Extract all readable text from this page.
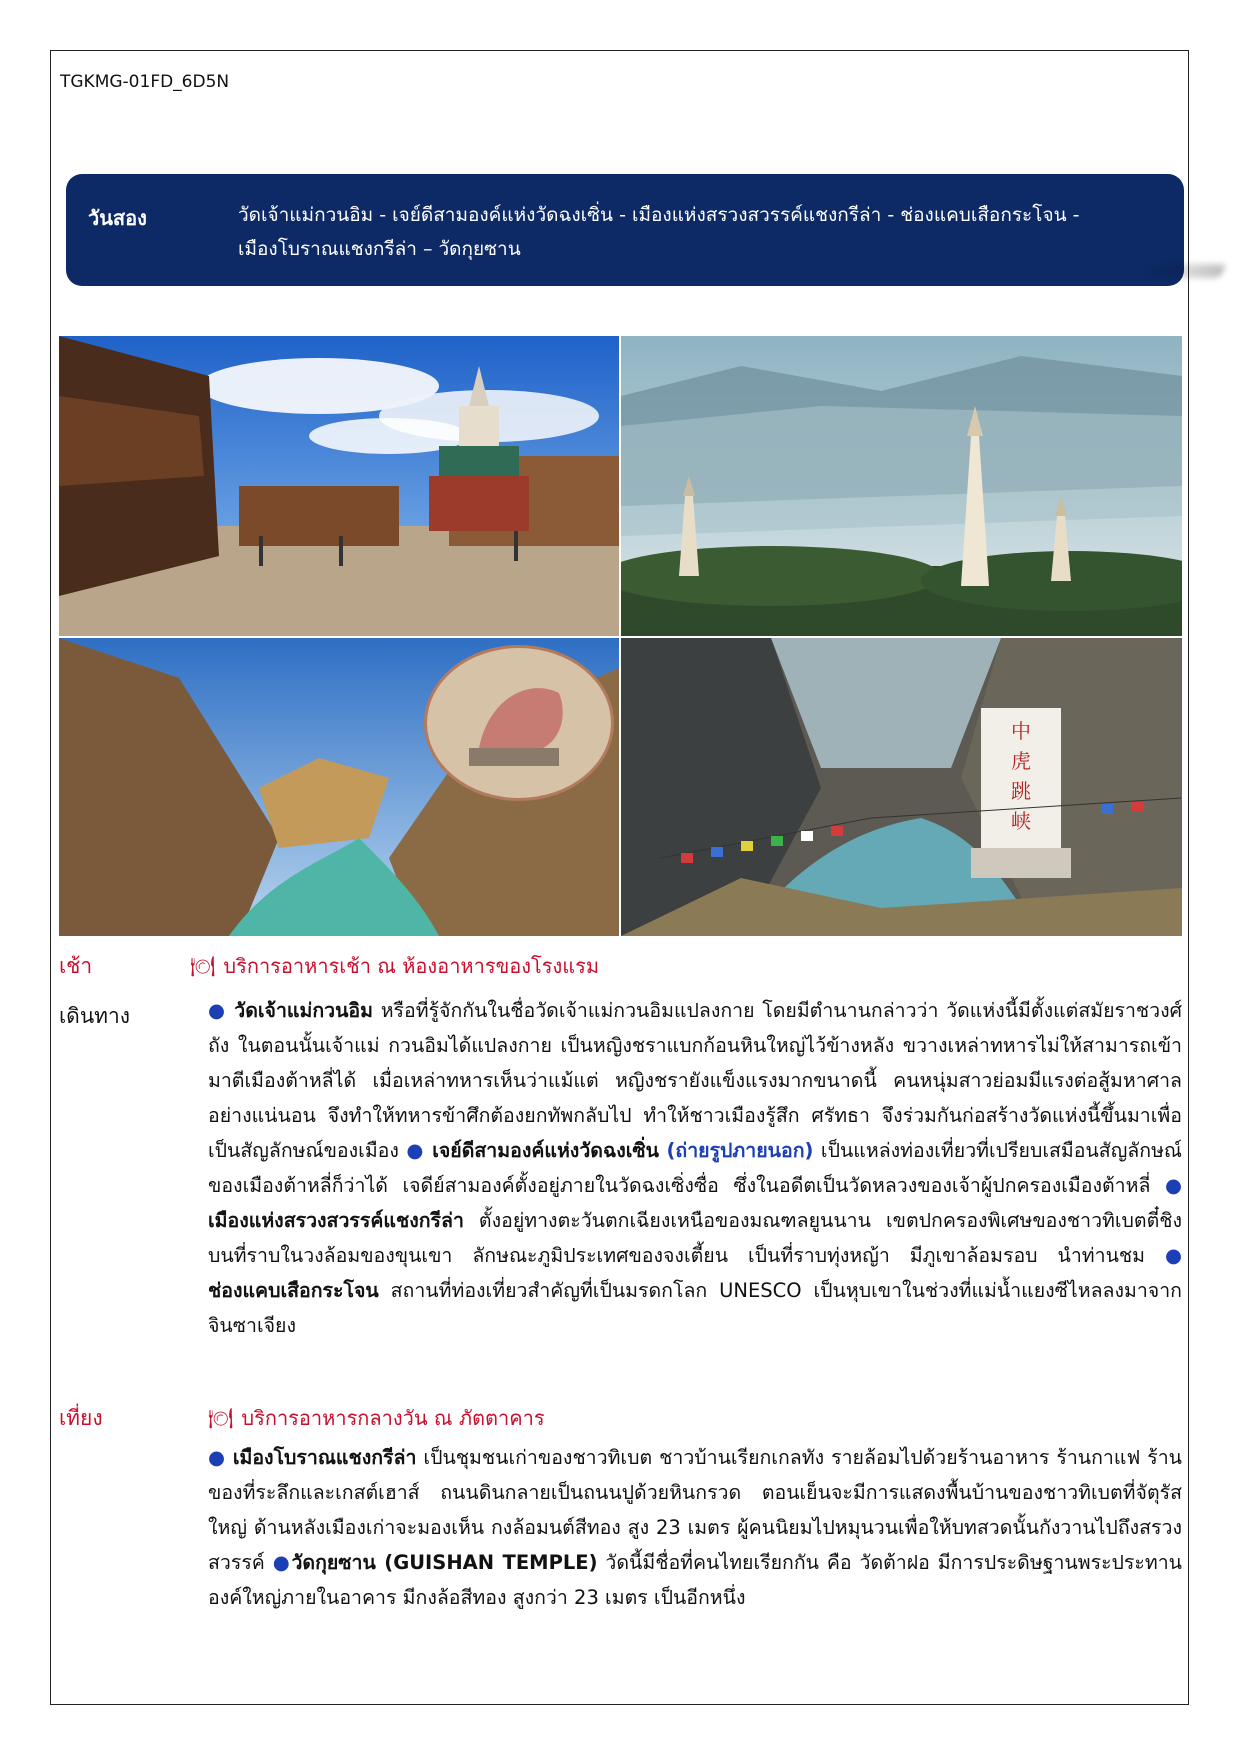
TGKMG-01FD_6D5N
วันสอง	วัดเจ้าแม่กวนอิม - เจย์ดีสามองค์แห่งวัดฉงเซิ่น - เมืองแห่งสรวงสวรรค์แชงกรีล่า - ช่องแคบเสือกระโจน -
เมืองโบราณแชงกรีล่า – วัดกุยซาน
中
虎
跳
峡
เช้า	🍽 บริการอาหารเช้า ณ ห้องอาหารของโรงแรม
เดินทาง	● วัดเจ้าแม่กวนอิม หรือที่รู้จักกันในชื่อวัดเจ้าแม่กวนอิมแปลงกาย โดยมีตำนานกล่าวว่า วัดแห่งนี้มีตั้งแต่สมัยราชวงศ์ถัง ในตอนนั้นเจ้าแม่ กวนอิมได้แปลงกาย เป็นหญิงชราแบกก้อนหินใหญ่ไว้ข้างหลัง ขวางเหล่าทหารไม่ให้สามารถเข้ามาตีเมืองต้าหลี่ได้ เมื่อเหล่าทหารเห็นว่าแม้แต่ หญิงชรายังแข็งแรงมากขนาดนี้ คนหนุ่มสาวย่อมมีแรงต่อสู้มหาศาลอย่างแน่นอน จึงทำให้ทหารข้าศึกต้องยกทัพกลับไป ทำให้ชาวเมืองรู้สึก ศรัทธา จึงร่วมกันก่อสร้างวัดแห่งนี้ขึ้นมาเพื่อเป็นสัญลักษณ์ของเมือง ● เจย์ดีสามองค์แห่งวัดฉงเซิ่น (ถ่ายรูปภายนอก) เป็นแหล่งท่องเที่ยวที่เปรียบเสมือนสัญลักษณ์ของเมืองต้าหลี่ก็ว่าได้ เจดีย์สามองค์ตั้งอยู่ภายในวัดฉงเซิ่งซื่อ ซึ่งในอดีตเป็นวัดหลวงของเจ้าผู้ปกครองเมืองต้าหลี่ ● เมืองแห่งสรวงสวรรค์แชงกรีล่า ตั้งอยู่ทางตะวันตกเฉียงเหนือของมณฑลยูนนาน เขตปกครองพิเศษของชาวทิเบตตี๋ชิง บนที่ราบในวงล้อมของขุนเขา ลักษณะภูมิประเทศของจงเตี้ยน เป็นที่ราบทุ่งหญ้า มีภูเขาล้อมรอบ นำท่านชม ● ช่องแคบเสือกระโจน สถานที่ท่องเที่ยวสำคัญที่เป็นมรดกโลก UNESCO เป็นหุบเขาในช่วงที่แม่น้ำแยงซีไหลลงมาจากจินซาเจียง
เที่ยง	🍽 บริการอาหารกลางวัน ณ ภัตตาคาร
● เมืองโบราณแชงกรีล่า เป็นชุมชนเก่าของชาวทิเบต ชาวบ้านเรียกเกลทัง รายล้อมไปด้วยร้านอาหาร ร้านกาแฟ ร้านของที่ระลึกและเกสต์เฮาส์ ถนนดินกลายเป็นถนนปูด้วยหินกรวด ตอนเย็นจะมีการแสดงพื้นบ้านของชาวทิเบตที่จัตุรัสใหญ่ ด้านหลังเมืองเก่าจะมองเห็น กงล้อมนต์สีทอง สูง 23 เมตร ผู้คนนิยมไปหมุนวนเพื่อให้บทสวดนั้นกังวานไปถึงสรวงสวรรค์ ●วัดกุยซาน (GUISHAN TEMPLE) วัดนี้มีชื่อที่คนไทยเรียกกัน คือ วัดต้าฝอ มีการประดิษฐานพระประทานองค์ใหญ่ภายในอาคาร มีกงล้อสีทอง สูงกว่า 23 เมตร เป็นอีกหนึ่ง
